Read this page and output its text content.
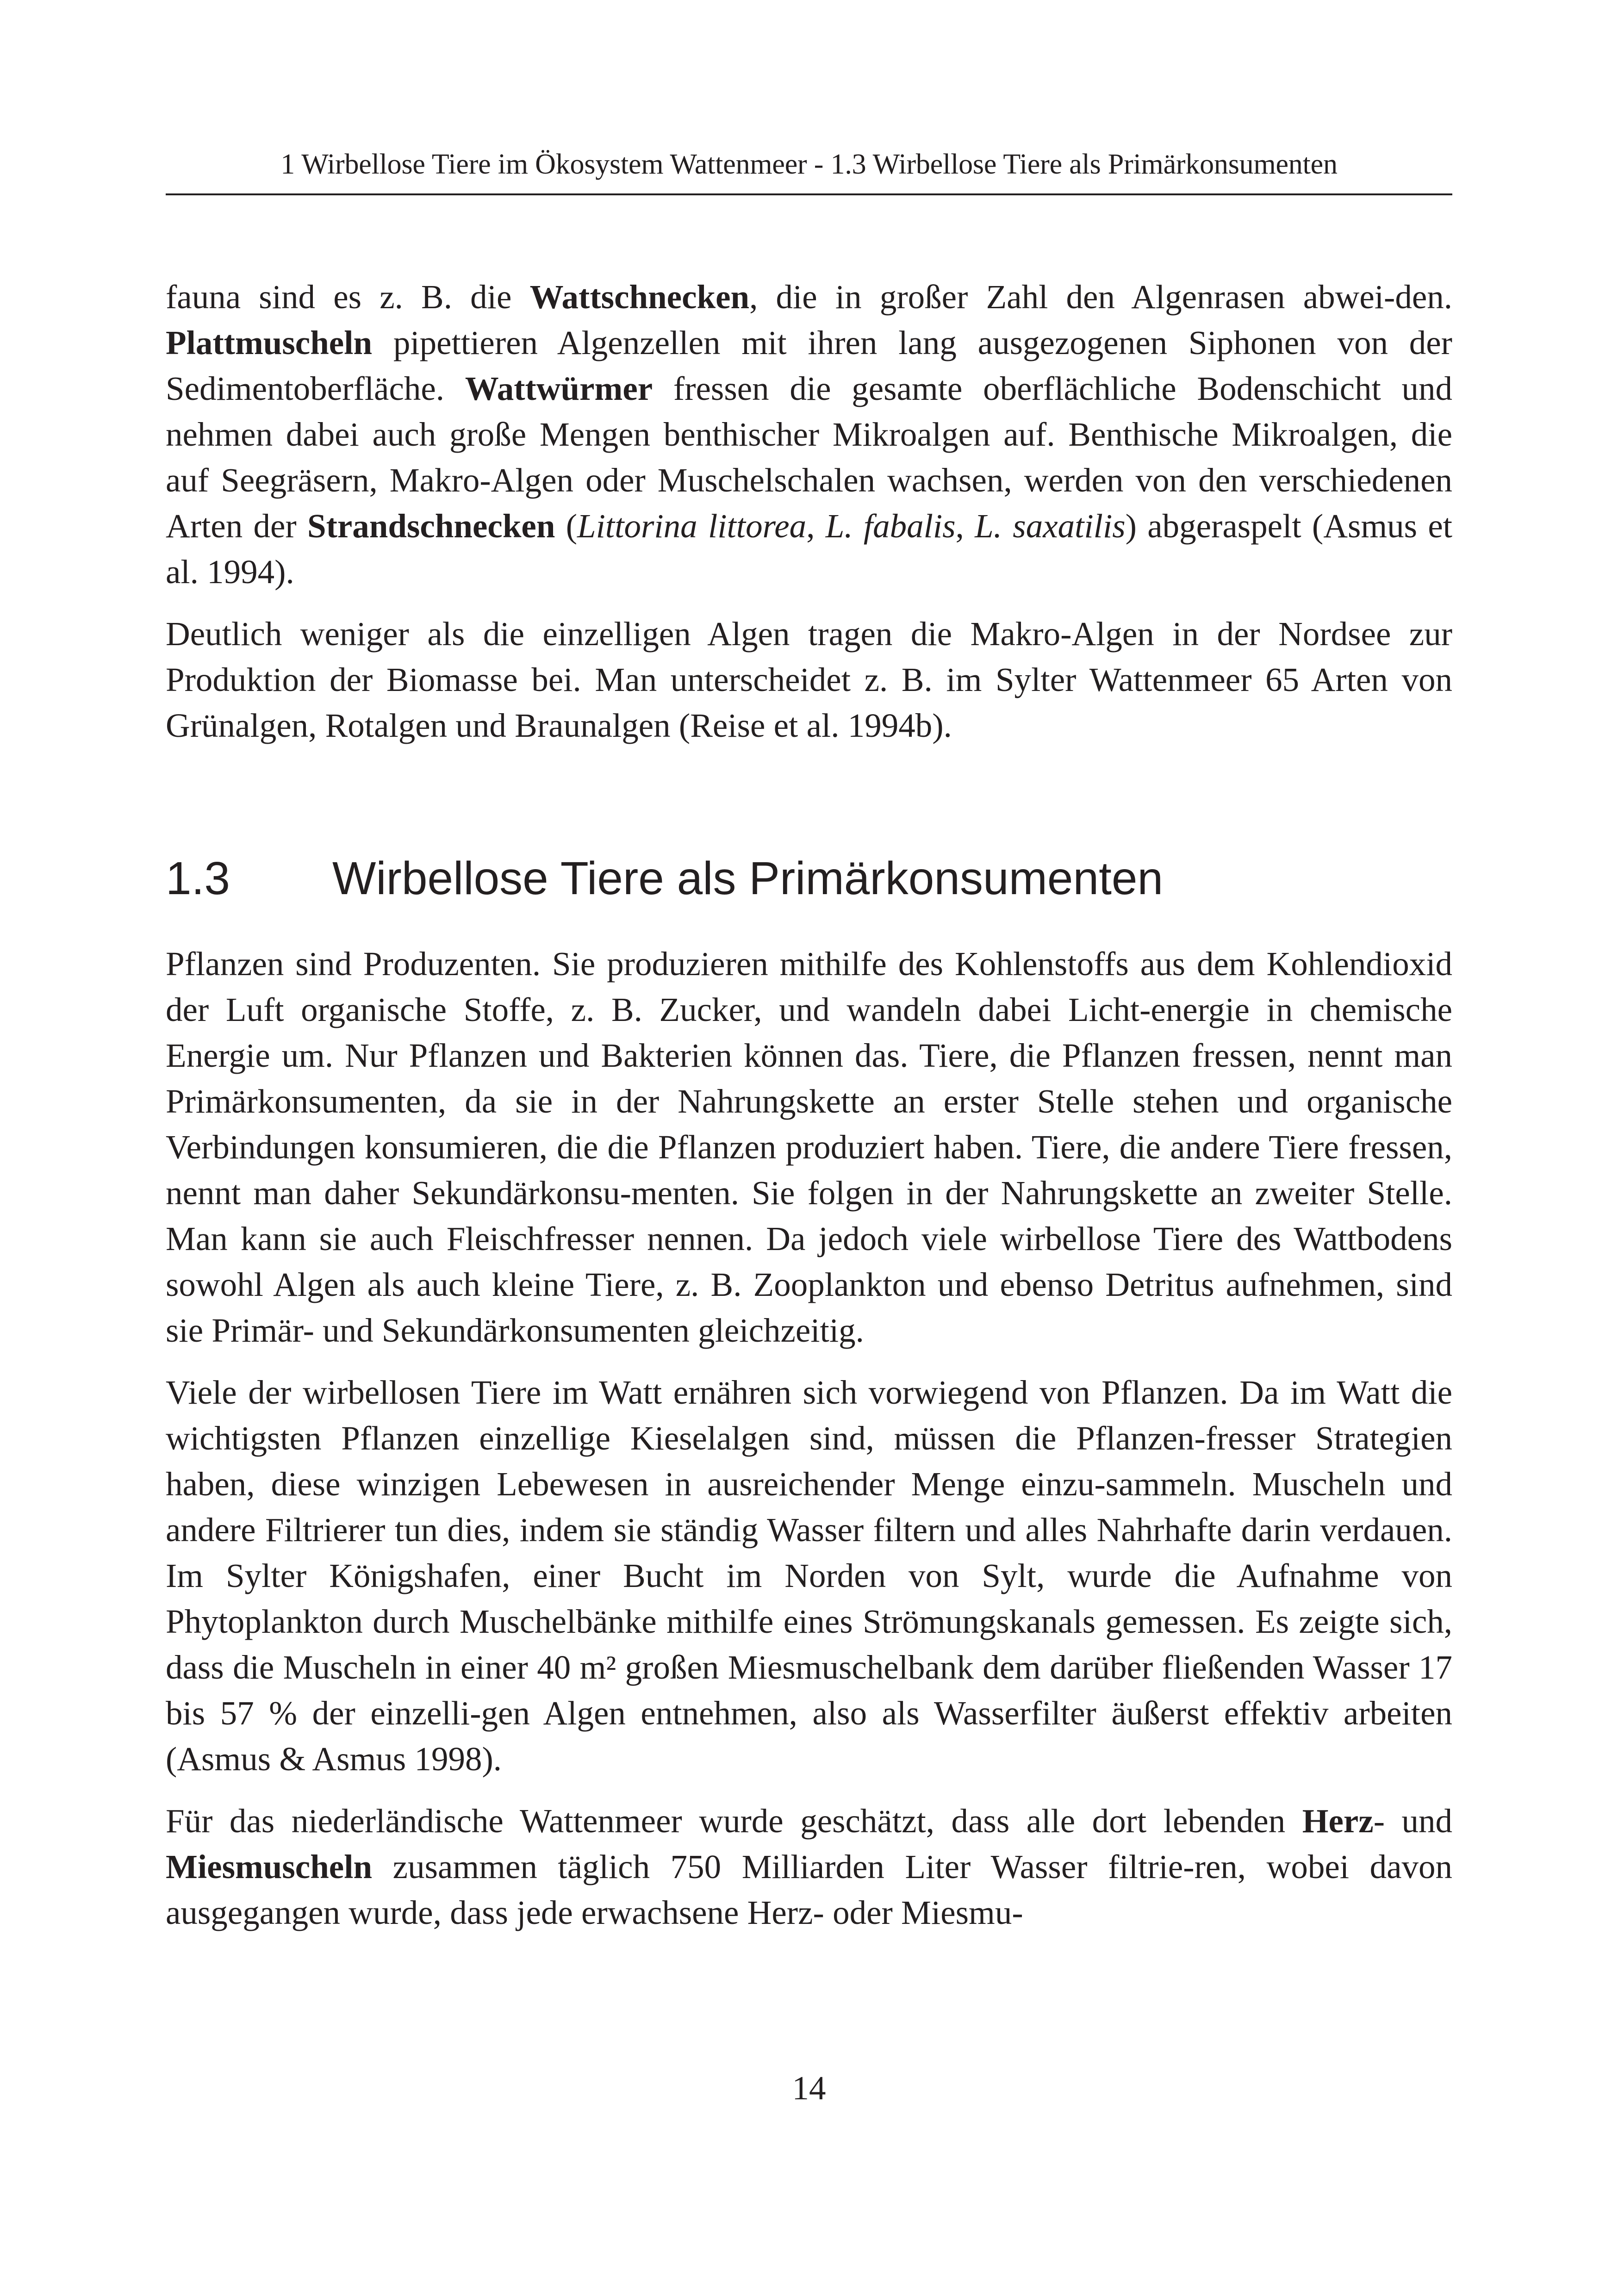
1 Wirbellose Tiere im Ökosystem Wattenmeer - 1.3 Wirbellose Tiere als Primärkonsumenten

fauna sind es z. B. die Wattschnecken, die in großer Zahl den Algenrasen abwei-den. Plattmuscheln pipettieren Algenzellen mit ihren lang ausgezogenen Siphonen von der Sedimentoberfläche. Wattwürmer fressen die gesamte oberflächliche Bodenschicht und nehmen dabei auch große Mengen benthischer Mikroalgen auf. Benthische Mikroalgen, die auf Seegräsern, Makro-Algen oder Muschelschalen wachsen, werden von den verschiedenen Arten der Strandschnecken (Littorina littorea, L. fabalis, L. saxatilis) abgeraspelt (Asmus et al. 1994).

Deutlich weniger als die einzelligen Algen tragen die Makro-Algen in der Nordsee zur Produktion der Biomasse bei. Man unterscheidet z. B. im Sylter Wattenmeer 65 Arten von Grünalgen, Rotalgen und Braunalgen (Reise et al. 1994b).

1.3 Wirbellose Tiere als Primärkonsumenten

Pflanzen sind Produzenten. Sie produzieren mithilfe des Kohlenstoffs aus dem Kohlendioxid der Luft organische Stoffe, z. B. Zucker, und wandeln dabei Licht-energie in chemische Energie um. Nur Pflanzen und Bakterien können das. Tiere, die Pflanzen fressen, nennt man Primärkonsumenten, da sie in der Nahrungskette an erster Stelle stehen und organische Verbindungen konsumieren, die die Pflanzen produziert haben. Tiere, die andere Tiere fressen, nennt man daher Sekundärkonsu-menten. Sie folgen in der Nahrungskette an zweiter Stelle. Man kann sie auch Fleischfresser nennen. Da jedoch viele wirbellose Tiere des Wattbodens sowohl Algen als auch kleine Tiere, z. B. Zooplankton und ebenso Detritus aufnehmen, sind sie Primär- und Sekundärkonsumenten gleichzeitig.

Viele der wirbellosen Tiere im Watt ernähren sich vorwiegend von Pflanzen. Da im Watt die wichtigsten Pflanzen einzellige Kieselalgen sind, müssen die Pflanzen-fresser Strategien haben, diese winzigen Lebewesen in ausreichender Menge einzu-sammeln. Muscheln und andere Filtrierer tun dies, indem sie ständig Wasser filtern und alles Nahrhafte darin verdauen. Im Sylter Königshafen, einer Bucht im Norden von Sylt, wurde die Aufnahme von Phytoplankton durch Muschelbänke mithilfe eines Strömungskanals gemessen. Es zeigte sich, dass die Muscheln in einer 40 m² großen Miesmuschelbank dem darüber fließenden Wasser 17 bis 57 % der einzelli-gen Algen entnehmen, also als Wasserfilter äußerst effektiv arbeiten (Asmus & Asmus 1998).

Für das niederländische Wattenmeer wurde geschätzt, dass alle dort lebenden Herz- und Miesmuscheln zusammen täglich 750 Milliarden Liter Wasser filtrie-ren, wobei davon ausgegangen wurde, dass jede erwachsene Herz- oder Miesmu-

14
